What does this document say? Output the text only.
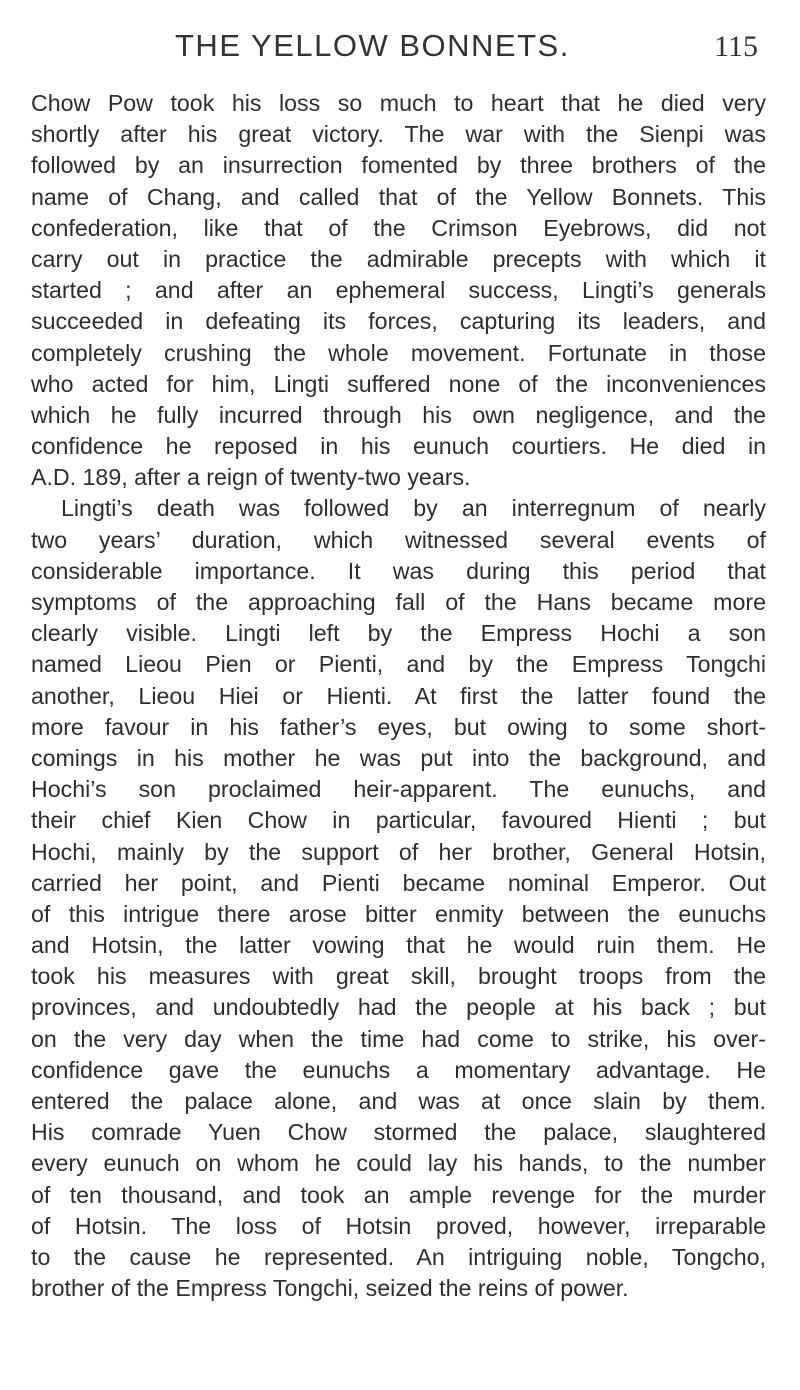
THE YELLOW BONNETS.	115
Chow Pow took his loss so much to heart that he died very
shortly after his great victory. The war with the Sienpi was
followed by an insurrection fomented by three brothers of the
name of Chang, and called that of the Yellow Bonnets. This
confederation, like that of the Crimson Eyebrows, did not
carry out in practice the admirable precepts with which it
started ; and after an ephemeral success, Lingti’s generals
succeeded in defeating its forces, capturing its leaders, and
completely crushing the whole movement. Fortunate in those
who acted for him, Lingti suffered none of the inconveniences
which he fully incurred through his own negligence, and the
confidence he reposed in his eunuch courtiers. He died in
A.D. 189, after a reign of twenty-two years.
Lingti’s death was followed by an interregnum of nearly
two years’ duration, which witnessed several events of
considerable importance. It was during this period that
symptoms of the approaching fall of the Hans became more
clearly visible. Lingti left by the Empress Hochi a son
named Lieou Pien or Pienti, and by the Empress Tongchi
another, Lieou Hiei or Hienti. At first the latter found the
more favour in his father’s eyes, but owing to some short-
comings in his mother he was put into the background, and
Hochi’s son proclaimed heir-apparent. The eunuchs, and
their chief Kien Chow in particular, favoured Hienti ; but
Hochi, mainly by the support of her brother, General Hotsin,
carried her point, and Pienti became nominal Emperor. Out
of this intrigue there arose bitter enmity between the eunuchs
and Hotsin, the latter vowing that he would ruin them. He
took his measures with great skill, brought troops from the
provinces, and undoubtedly had the people at his back ; but
on the very day when the time had come to strike, his over-
confidence gave the eunuchs a momentary advantage. He
entered the palace alone, and was at once slain by them.
His comrade Yuen Chow stormed the palace, slaughtered
every eunuch on whom he could lay his hands, to the number
of ten thousand, and took an ample revenge for the murder
of Hotsin. The loss of Hotsin proved, however, irreparable
to the cause he represented. An intriguing noble, Tongcho,
brother of the Empress Tongchi, seized the reins of power.
